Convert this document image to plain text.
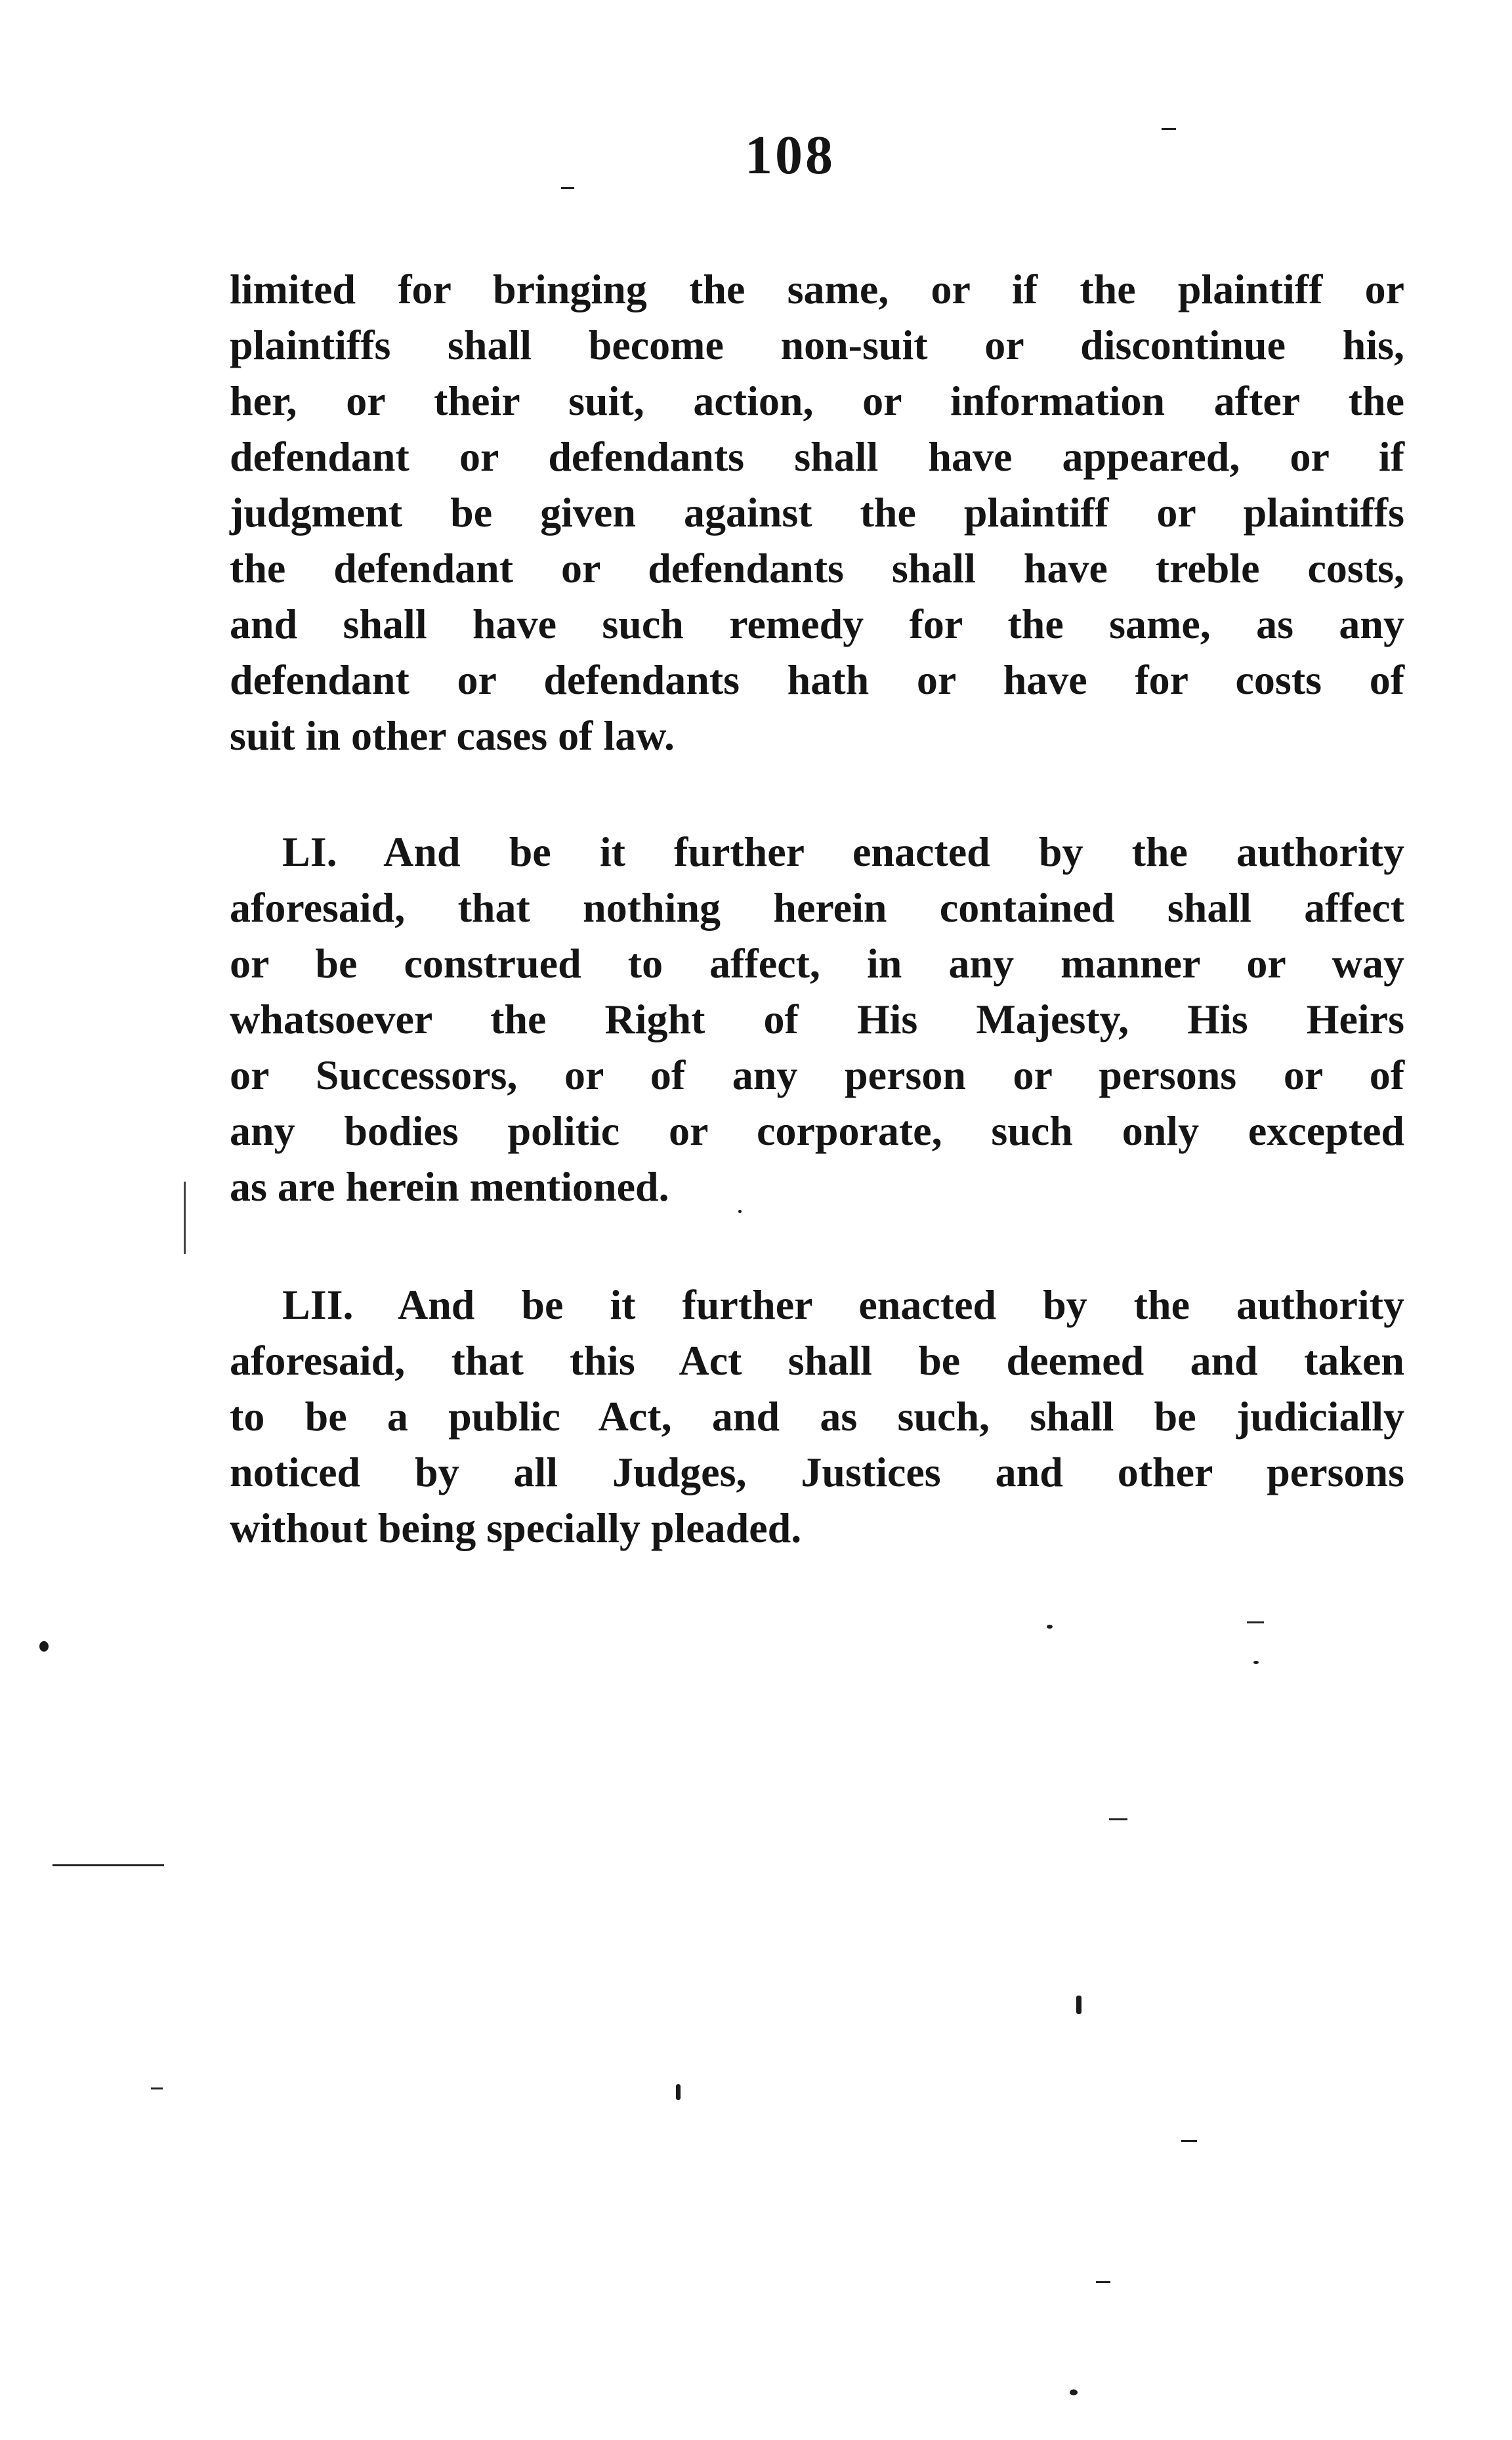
108
limited for bringing the same, or if the plaintiff or
plaintiffs shall become non-suit or discontinue his,
her, or their suit, action, or information after the
defendant or defendants shall have appeared, or if
judgment be given against the plaintiff or plaintiffs
the defendant or defendants shall have treble costs,
and shall have such remedy for the same, as any
defendant or defendants hath or have for costs of
suit in other cases of law.
LI. And be it further enacted by the authority
aforesaid, that nothing herein contained shall affect
or be construed to affect, in any manner or way
whatsoever the Right of His Majesty, His Heirs
or Successors, or of any person or persons or of
any bodies politic or corporate, such only excepted
as are herein mentioned.
LII. And be it further enacted by the authority
aforesaid, that this Act shall be deemed and taken
to be a public Act, and as such, shall be judicially
noticed by all Judges, Justices and other persons
without being specially pleaded.
